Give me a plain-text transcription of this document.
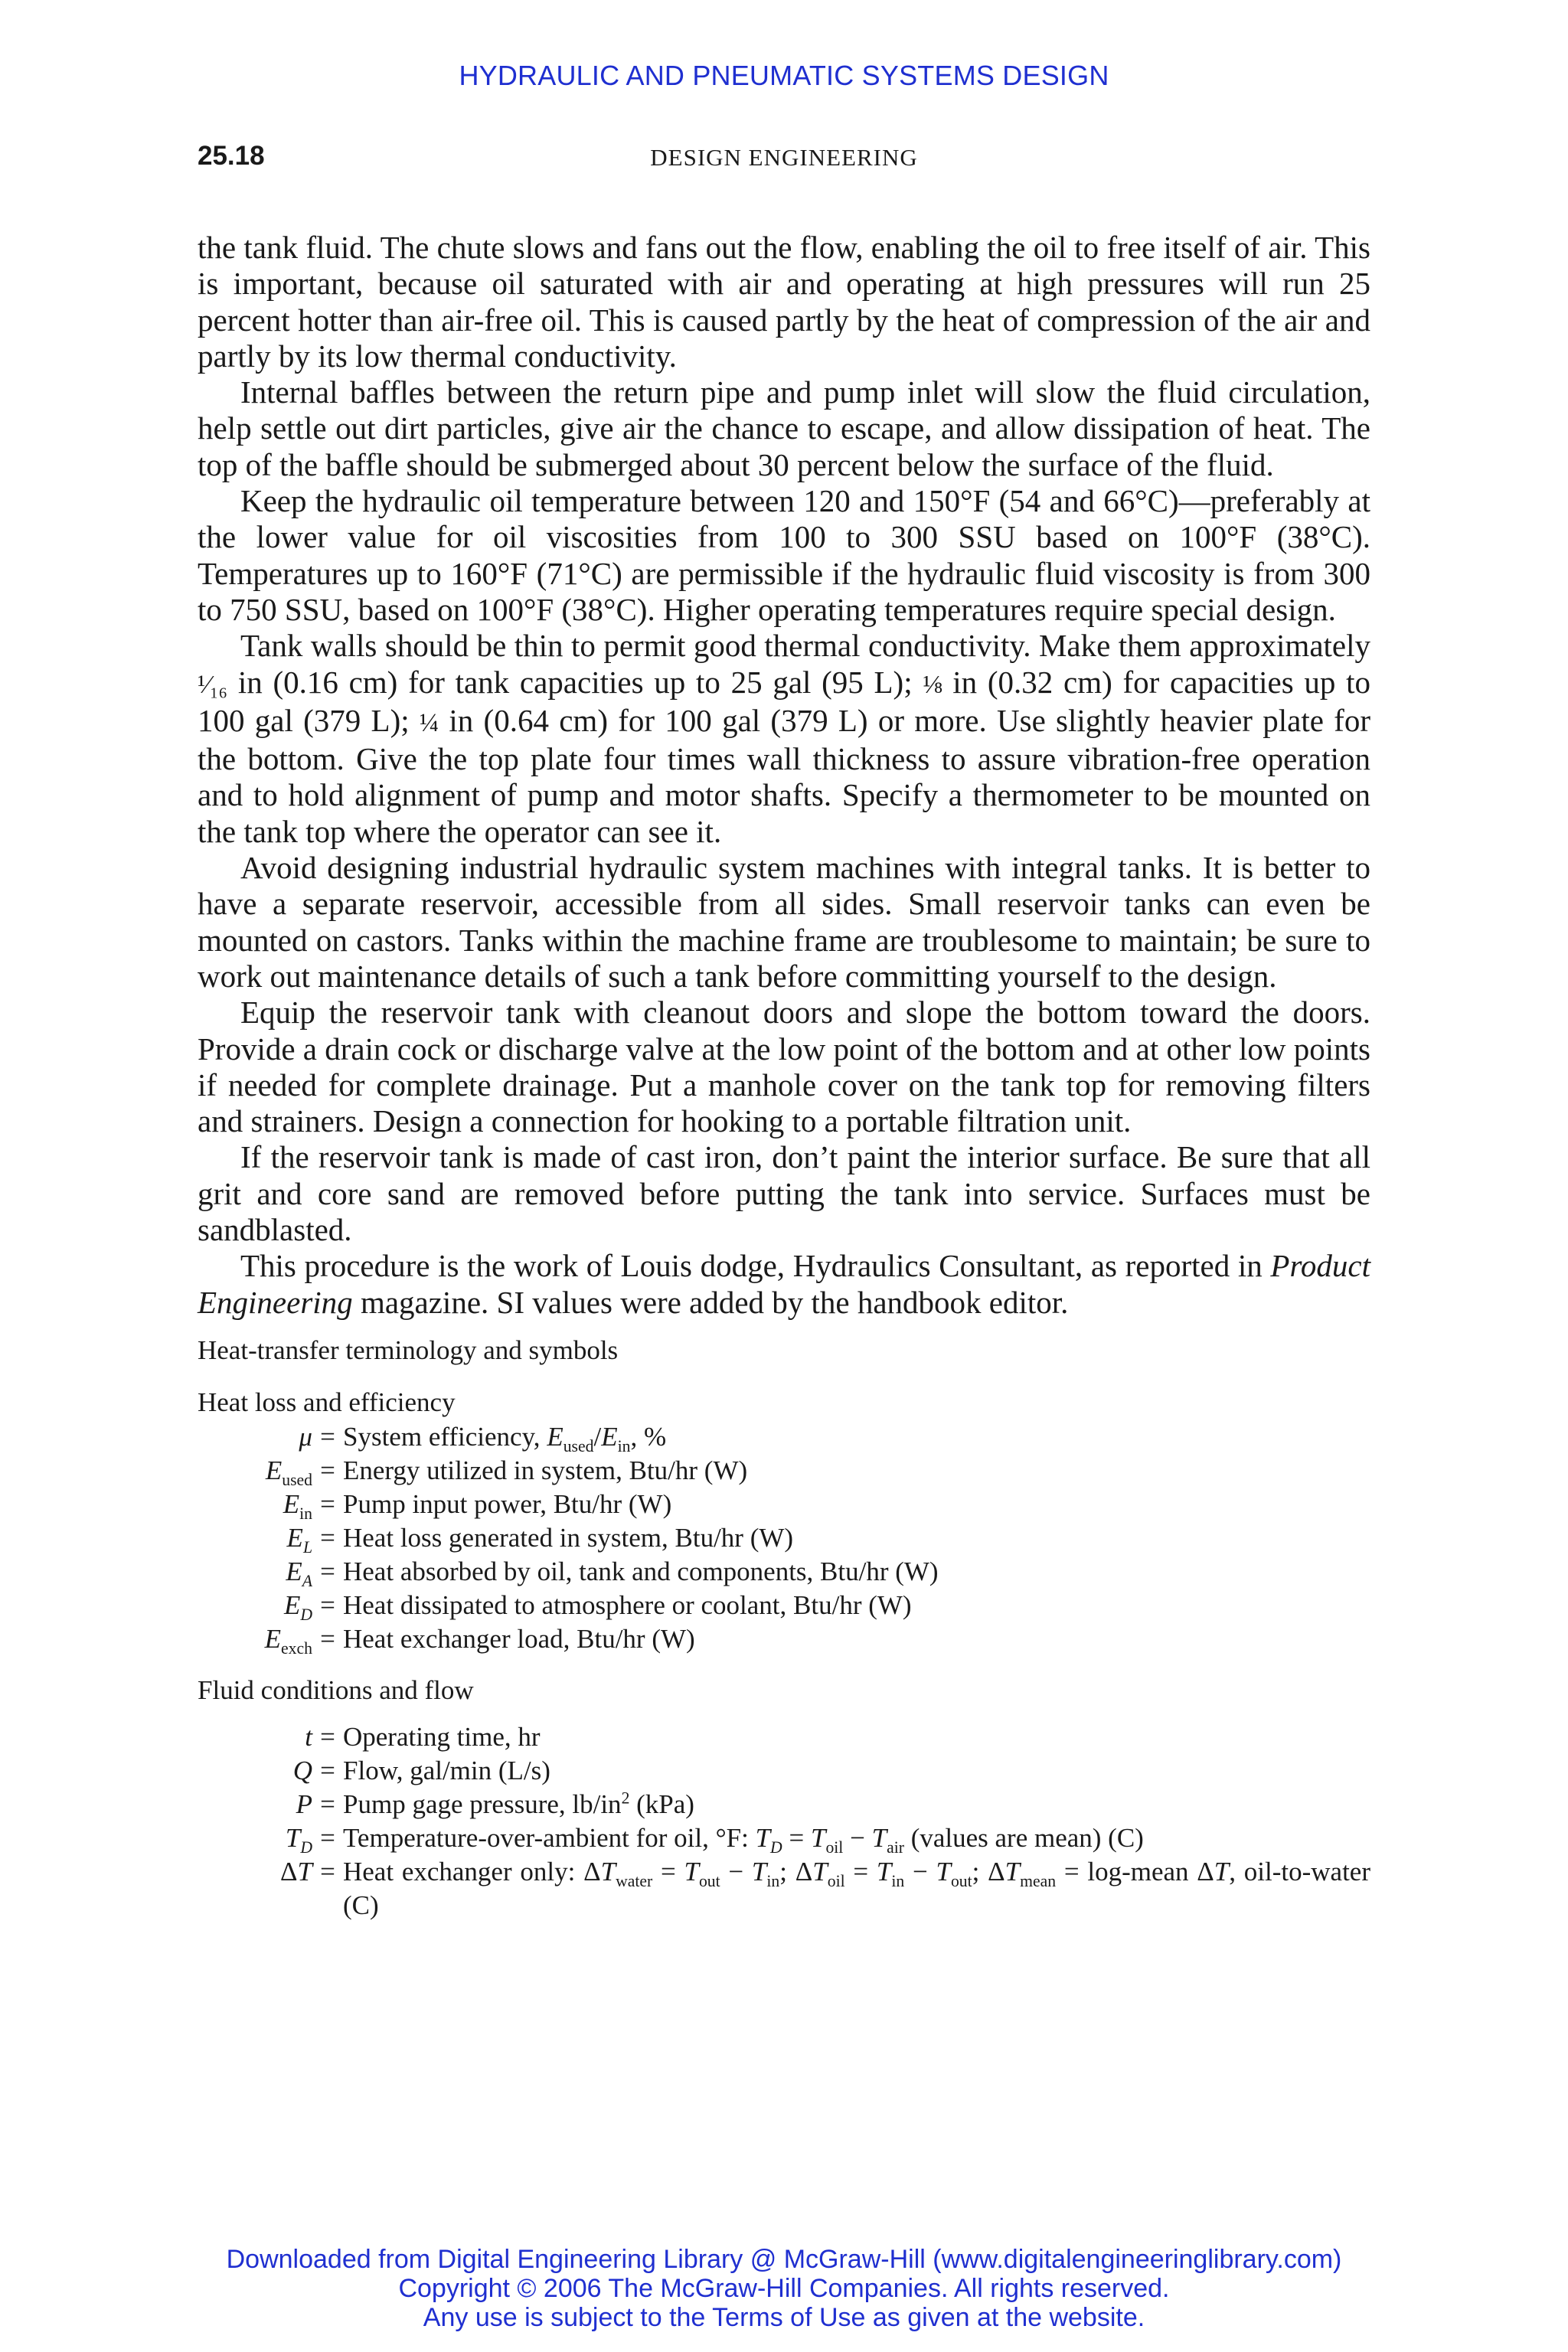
HYDRAULIC AND PNEUMATIC SYSTEMS DESIGN
25.18	DESIGN ENGINEERING

the tank fluid. The chute slows and fans out the flow, enabling the oil to free itself of air. This is important, because oil saturated with air and operating at high pressures will run 25 percent hotter than air-free oil. This is caused partly by the heat of compression of the air and partly by its low thermal conductivity.

Internal baffles between the return pipe and pump inlet will slow the fluid circulation, help settle out dirt particles, give air the chance to escape, and allow dissipation of heat. The top of the baffle should be submerged about 30 percent below the surface of the fluid.

Keep the hydraulic oil temperature between 120 and 150°F (54 and 66°C)—preferably at the lower value for oil viscosities from 100 to 300 SSU based on 100°F (38°C). Temperatures up to 160°F (71°C) are permissible if the hydraulic fluid viscosity is from 300 to 750 SSU, based on 100°F (38°C). Higher operating temperatures require special design.

Tank walls should be thin to permit good thermal conductivity. Make them approximately ¹⁄₁₆ in (0.16 cm) for tank capacities up to 25 gal (95 L); ⅛ in (0.32 cm) for capacities up to 100 gal (379 L); ¼ in (0.64 cm) for 100 gal (379 L) or more. Use slightly heavier plate for the bottom. Give the top plate four times wall thickness to assure vibration-free operation and to hold alignment of pump and motor shafts. Specify a thermometer to be mounted on the tank top where the operator can see it.

Avoid designing industrial hydraulic system machines with integral tanks. It is better to have a separate reservoir, accessible from all sides. Small reservoir tanks can even be mounted on castors. Tanks within the machine frame are troublesome to maintain; be sure to work out maintenance details of such a tank before committing yourself to the design.

Equip the reservoir tank with cleanout doors and slope the bottom toward the doors. Provide a drain cock or discharge valve at the low point of the bottom and at other low points if needed for complete drainage. Put a manhole cover on the tank top for removing filters and strainers. Design a connection for hooking to a portable filtration unit.

If the reservoir tank is made of cast iron, don’t paint the interior surface. Be sure that all grit and core sand are removed before putting the tank into service. Surfaces must be sandblasted.

This procedure is the work of Louis dodge, Hydraulics Consultant, as reported in Product Engineering magazine. SI values were added by the handbook editor.

Heat-transfer terminology and symbols
Heat loss and efficiency
μ	=	System efficiency, $E_{used}/E_{in}$, %
$E_{used}$	=	Energy utilized in system, Btu/hr (W)
$E_{in}$	=	Pump input power, Btu/hr (W)
$E_L$	=	Heat loss generated in system, Btu/hr (W)
$E_A$	=	Heat absorbed by oil, tank and components, Btu/hr (W)
$E_D$	=	Heat dissipated to atmosphere or coolant, Btu/hr (W)
$E_{exch}$	=	Heat exchanger load, Btu/hr (W)
Fluid conditions and flow
t	=	Operating time, hr
Q	=	Flow, gal/min (L/s)
P	=	Pump gage pressure, $lb/in^2$ (kPa)
$T_D$	=	Temperature-over-ambient for oil, °F: $T_D = T_{oil} - T_{air}$ (values are mean) (C)
ΔT	=	Heat exchanger only: $\Delta T_{water} = T_{out} - T_{in}$; $\Delta T_{oil} = T_{in} - T_{out}$; $\Delta T_{mean}$ = log-mean ΔT, oil-to-water (C)
Downloaded from Digital Engineering Library @ McGraw-Hill (www.digitalengineeringlibrary.com)
Copyright © 2006 The McGraw-Hill Companies. All rights reserved.
Any use is subject to the Terms of Use as given at the website.
